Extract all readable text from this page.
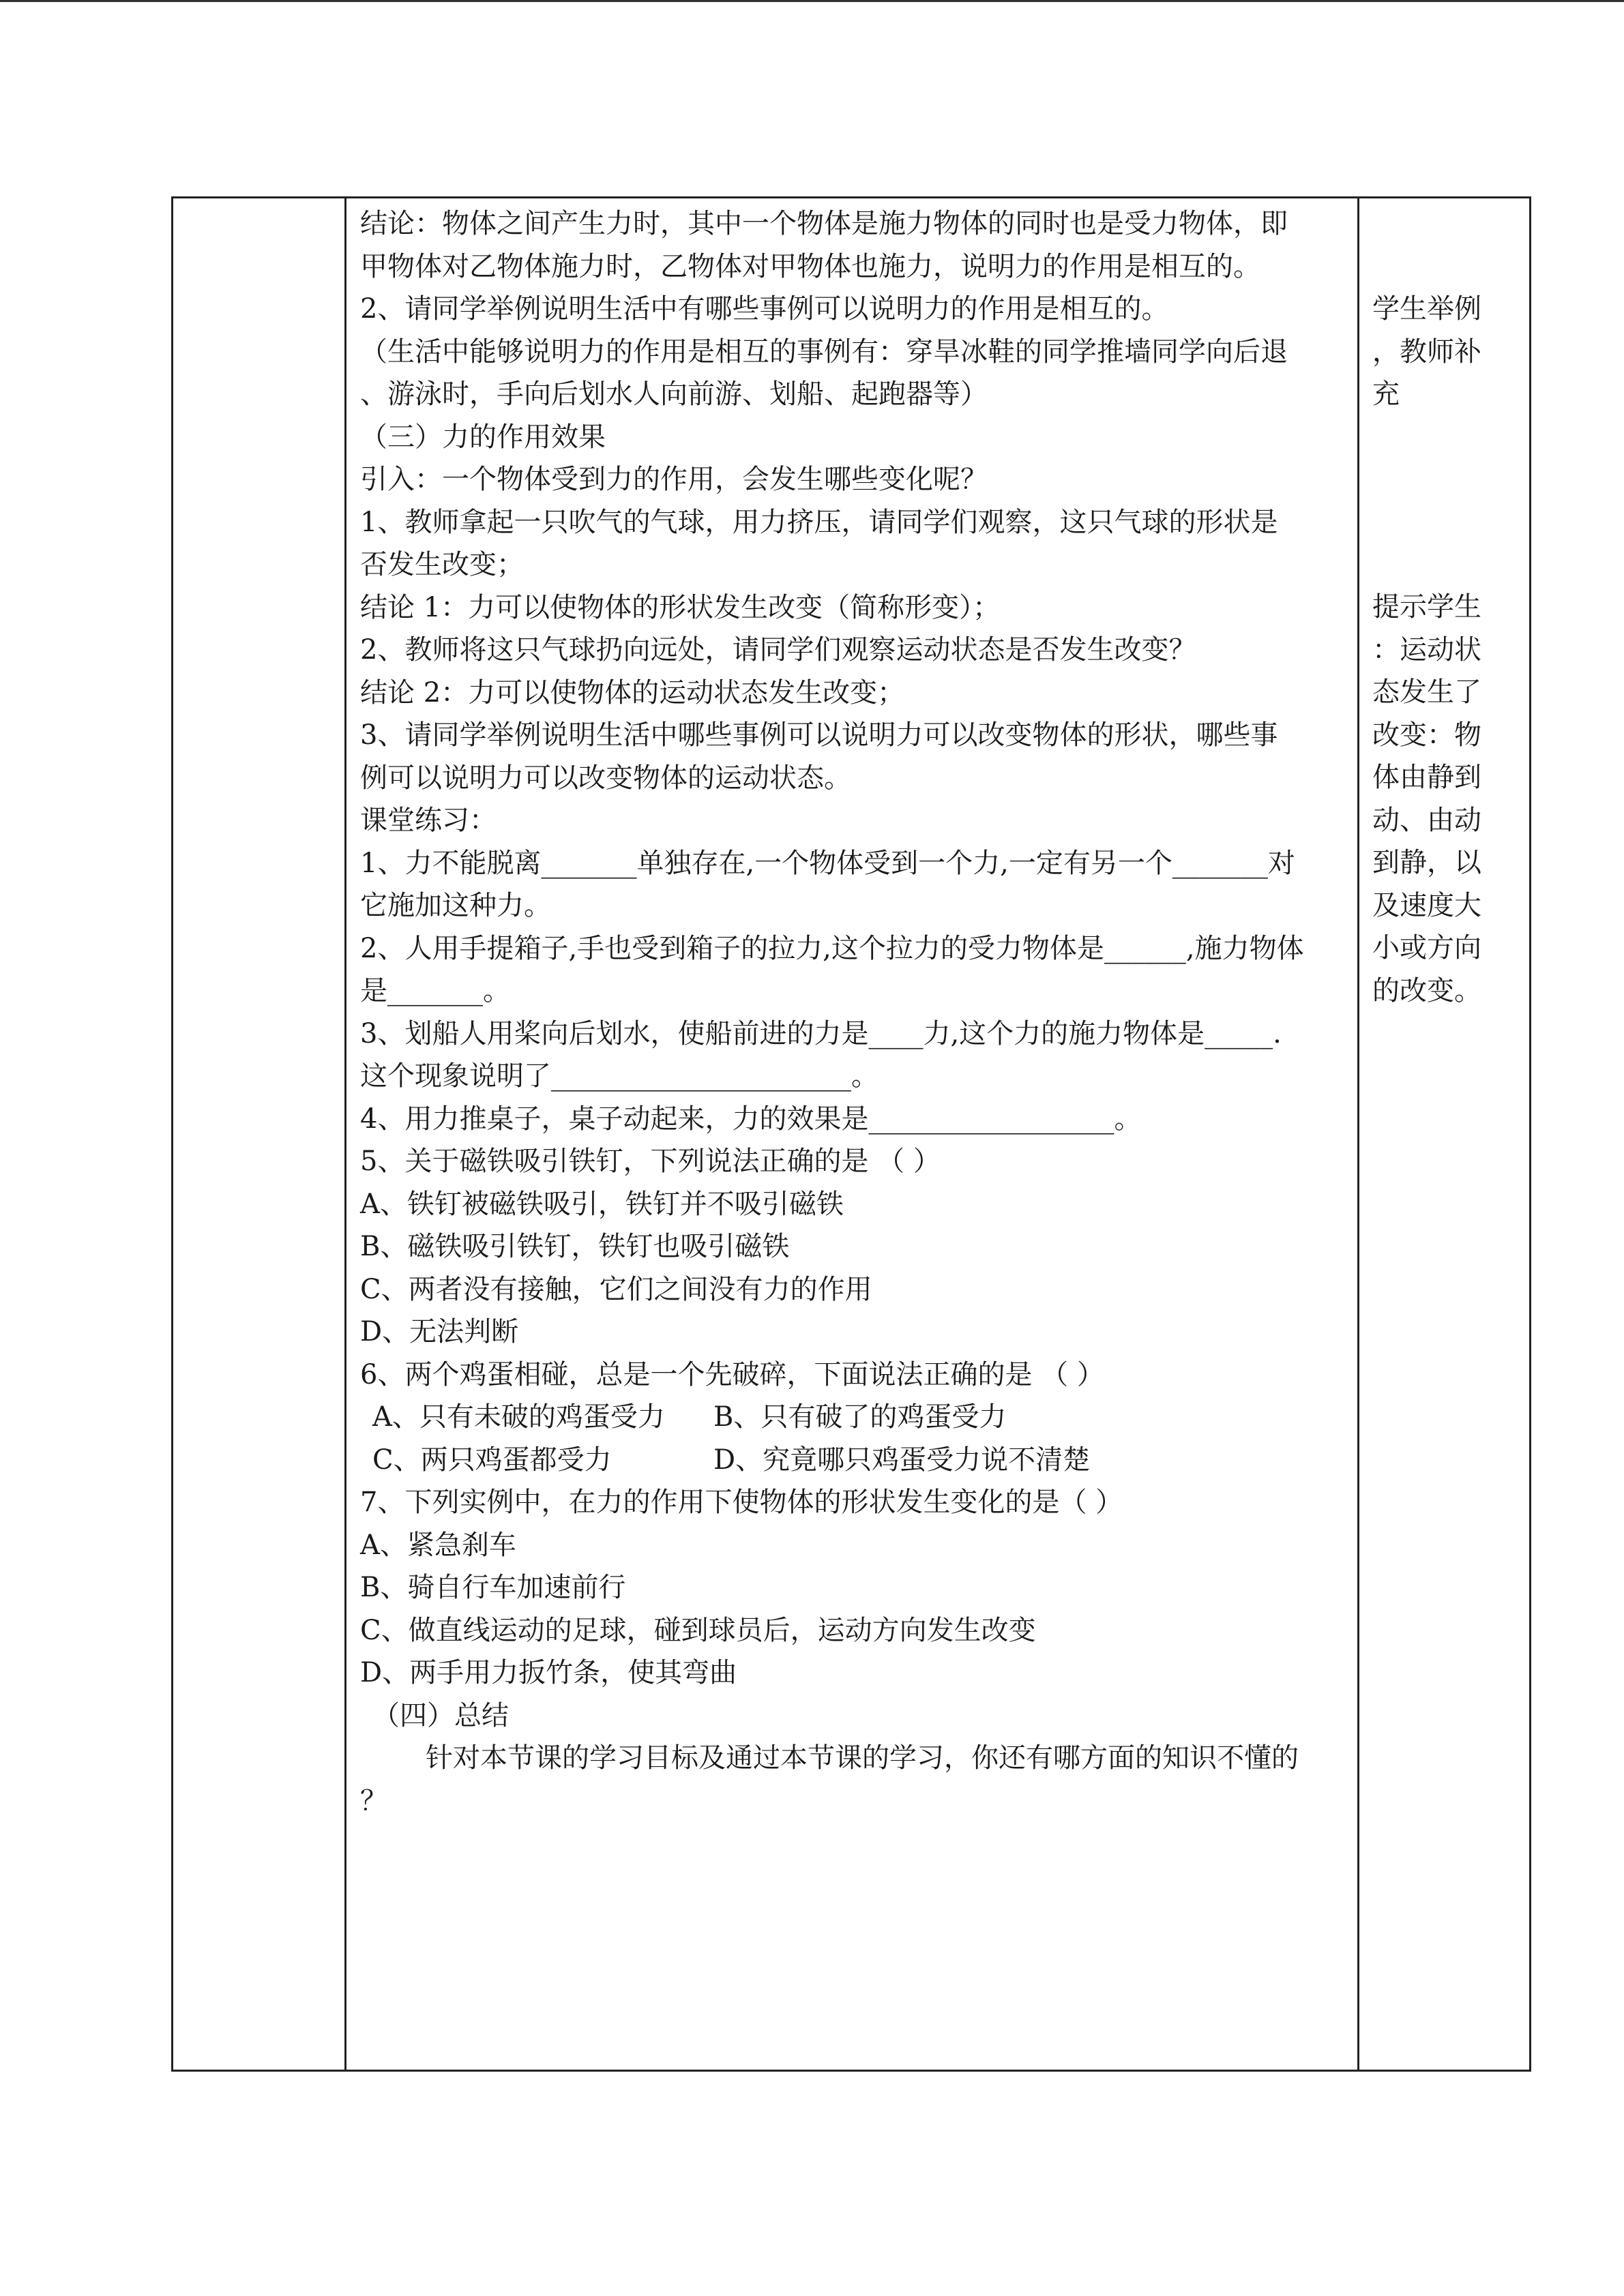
结论：物体之间产生力时，其中一个物体是施力物体的同时也是受力物体，即
甲物体对乙物体施力时，乙物体对甲物体也施力，说明力的作用是相互的。
2、请同学举例说明生活中有哪些事例可以说明力的作用是相互的。
（生活中能够说明力的作用是相互的事例有：穿旱冰鞋的同学推墙同学向后退
、游泳时，手向后划水人向前游、划船、起跑器等）
（三）力的作用效果
引入：一个物体受到力的作用，会发生哪些变化呢？
1、教师拿起一只吹气的气球，用力挤压，请同学们观察，这只气球的形状是
否发生改变；
结论 1：力可以使物体的形状发生改变（简称形变）；
2、教师将这只气球扔向远处，请同学们观察运动状态是否发生改变？
结论 2：力可以使物体的运动状态发生改变；
3、请同学举例说明生活中哪些事例可以说明力可以改变物体的形状，哪些事
例可以说明力可以改变物体的运动状态。
课堂练习：
1、力不能脱离_______单独存在,一个物体受到一个力,一定有另一个_______对
它施加这种力。
2、人用手提箱子,手也受到箱子的拉力,这个拉力的受力物体是______,施力物体
是_______。
3、划船人用桨向后划水，使船前进的力是____力,这个力的施力物体是_____.
这个现象说明了______________________。
4、用力推桌子，桌子动起来，力的效果是__________________。
5、关于磁铁吸引铁钉，下列说法正确的是 （ ）
A、铁钉被磁铁吸引，铁钉并不吸引磁铁
B、磁铁吸引铁钉，铁钉也吸引磁铁
C、两者没有接触，它们之间没有力的作用
D、无法判断
6、两个鸡蛋相碰，总是一个先破碎，下面说法正确的是 （ ）
A、只有未破的鸡蛋受力	B、只有破了的鸡蛋受力
C、两只鸡蛋都受力	D、究竟哪只鸡蛋受力说不清楚
7、下列实例中，在力的作用下使物体的形状发生变化的是（ ）
A、紧急刹车
B、骑自行车加速前行
C、做直线运动的足球，碰到球员后，运动方向发生改变
D、两手用力扳竹条，使其弯曲
（四）总结
针对本节课的学习目标及通过本节课的学习，你还有哪方面的知识不懂的
？
学生举例
，教师补
充
提示学生
：运动状
态发生了
改变：物
体由静到
动、由动
到静，以
及速度大
小或方向
的改变。
